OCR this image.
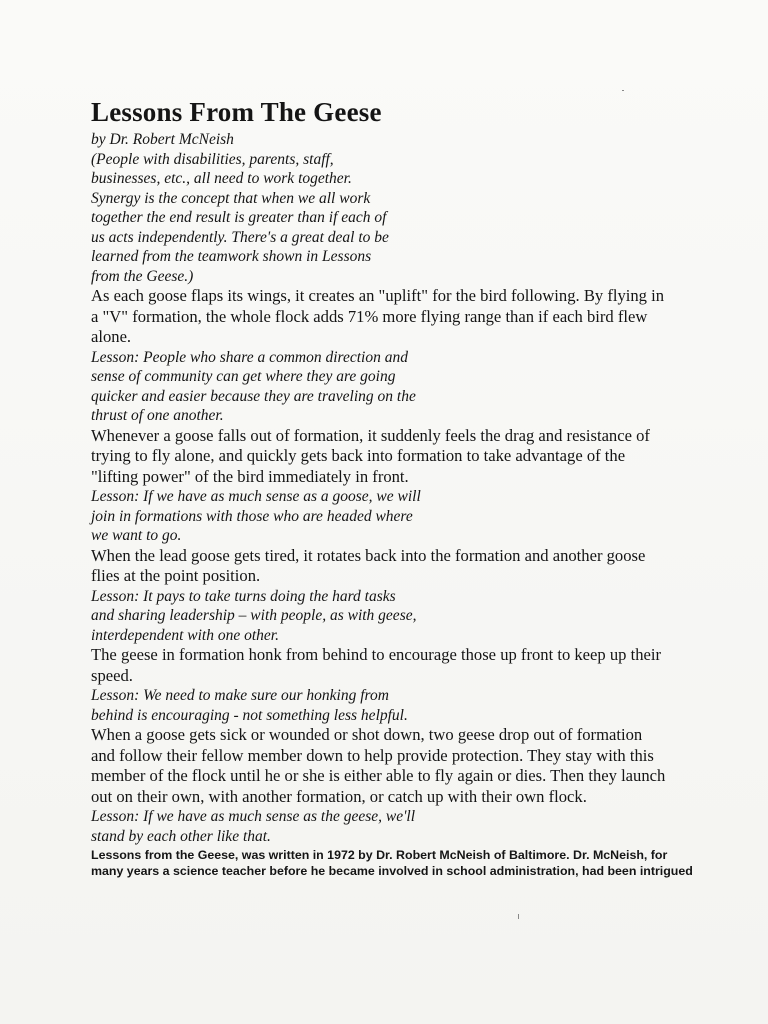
Lessons From The Geese
by Dr. Robert McNeish
(People with disabilities, parents, staff,
businesses, etc., all need to work together.
Synergy is the concept that when we all work
together the end result is greater than if each of
us acts independently. There's a great deal to be
learned from the teamwork shown in Lessons
from the Geese.)
As each goose flaps its wings, it creates an "uplift" for the bird following. By flying in
a "V" formation, the whole flock adds 71% more flying range than if each bird flew
alone.
Lesson: People who share a common direction and
sense of community can get where they are going
quicker and easier because they are traveling on the
thrust of one another.
Whenever a goose falls out of formation, it suddenly feels the drag and resistance of
trying to fly alone, and quickly gets back into formation to take advantage of the
"lifting power" of the bird immediately in front.
Lesson: If we have as much sense as a goose, we will
join in formations with those who are headed where
we want to go.
When the lead goose gets tired, it rotates back into the formation and another goose
flies at the point position.
Lesson: It pays to take turns doing the hard tasks
and sharing leadership – with people, as with geese,
interdependent with one other.
The geese in formation honk from behind to encourage those up front to keep up their
speed.
Lesson: We need to make sure our honking from
behind is encouraging - not something less helpful.
When a goose gets sick or wounded or shot down, two geese drop out of formation
and follow their fellow member down to help provide protection. They stay with this
member of the flock until he or she is either able to fly again or dies. Then they launch
out on their own, with another formation, or catch up with their own flock.
Lesson: If we have as much sense as the geese, we'll
stand by each other like that.
Lessons from the Geese, was written in 1972 by Dr. Robert McNeish of Baltimore. Dr. McNeish, for
many years a science teacher before he became involved in school administration, had been intrigued
